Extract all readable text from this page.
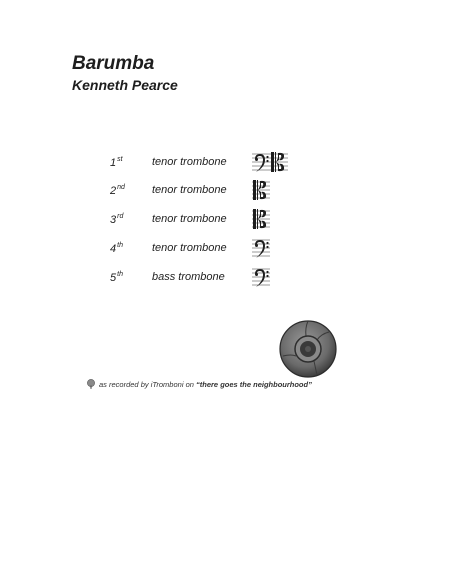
Barumba
Kenneth Pearce
1st	tenor trombone
2nd tenor trombone
3rd	tenor trombone
4th	tenor trombone
5th	bass trombone
as recorded by iTromboni on “there goes the neighbourhood”
